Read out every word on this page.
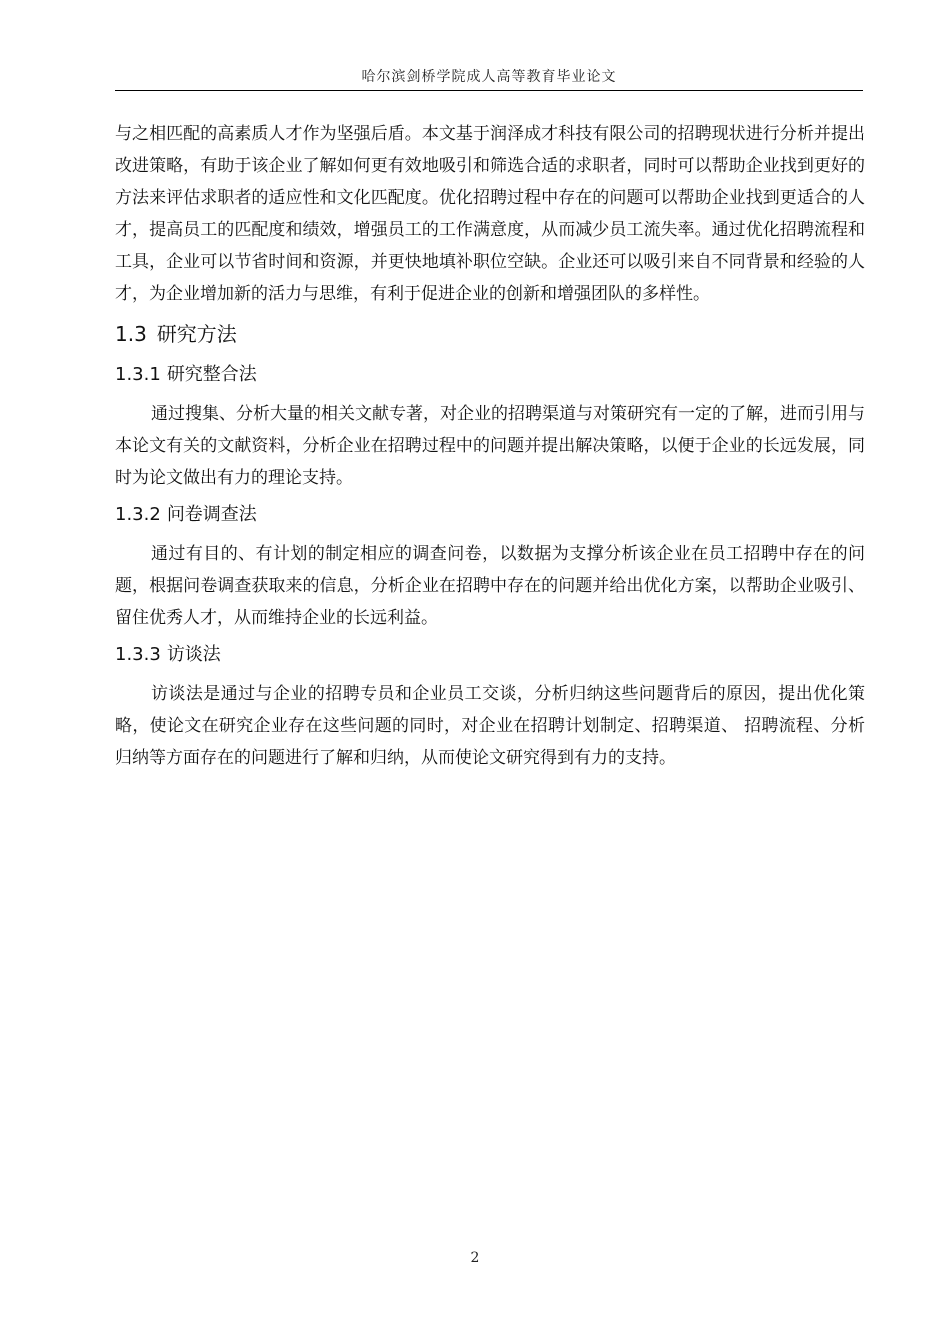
哈尔滨剑桥学院成人高等教育毕业论文

与之相匹配的高素质人才作为坚强后盾。本文基于润泽成才科技有限公司的招聘现状进行分析并提出改进策略，有助于该企业了解如何更有效地吸引和筛选合适的求职者，同时可以帮助企业找到更好的方法来评估求职者的适应性和文化匹配度。优化招聘过程中存在的问题可以帮助企业找到更适合的人才，提高员工的匹配度和绩效，增强员工的工作满意度，从而减少员工流失率。通过优化招聘流程和工具，企业可以节省时间和资源，并更快地填补职位空缺。企业还可以吸引来自不同背景和经验的人才，为企业增加新的活力与思维，有利于促进企业的创新和增强团队的多样性。

1.3 研究方法
1.3.1 研究整合法

通过搜集、分析大量的相关文献专著，对企业的招聘渠道与对策研究有一定的了解，进而引用与本论文有关的文献资料，分析企业在招聘过程中的问题并提出解决策略，以便于企业的长远发展，同时为论文做出有力的理论支持。

1.3.2 问卷调查法

通过有目的、有计划的制定相应的调查问卷，以数据为支撑分析该企业在员工招聘中存在的问题，根据问卷调查获取来的信息，分析企业在招聘中存在的问题并给出优化方案，以帮助企业吸引、留住优秀人才，从而维持企业的长远利益。

1.3.3 访谈法

访谈法是通过与企业的招聘专员和企业员工交谈，分析归纳这些问题背后的原因，提出优化策略，使论文在研究企业存在这些问题的同时，对企业在招聘计划制定、招聘渠道、 招聘流程、分析归纳等方面存在的问题进行了解和归纳，从而使论文研究得到有力的支持。

2
